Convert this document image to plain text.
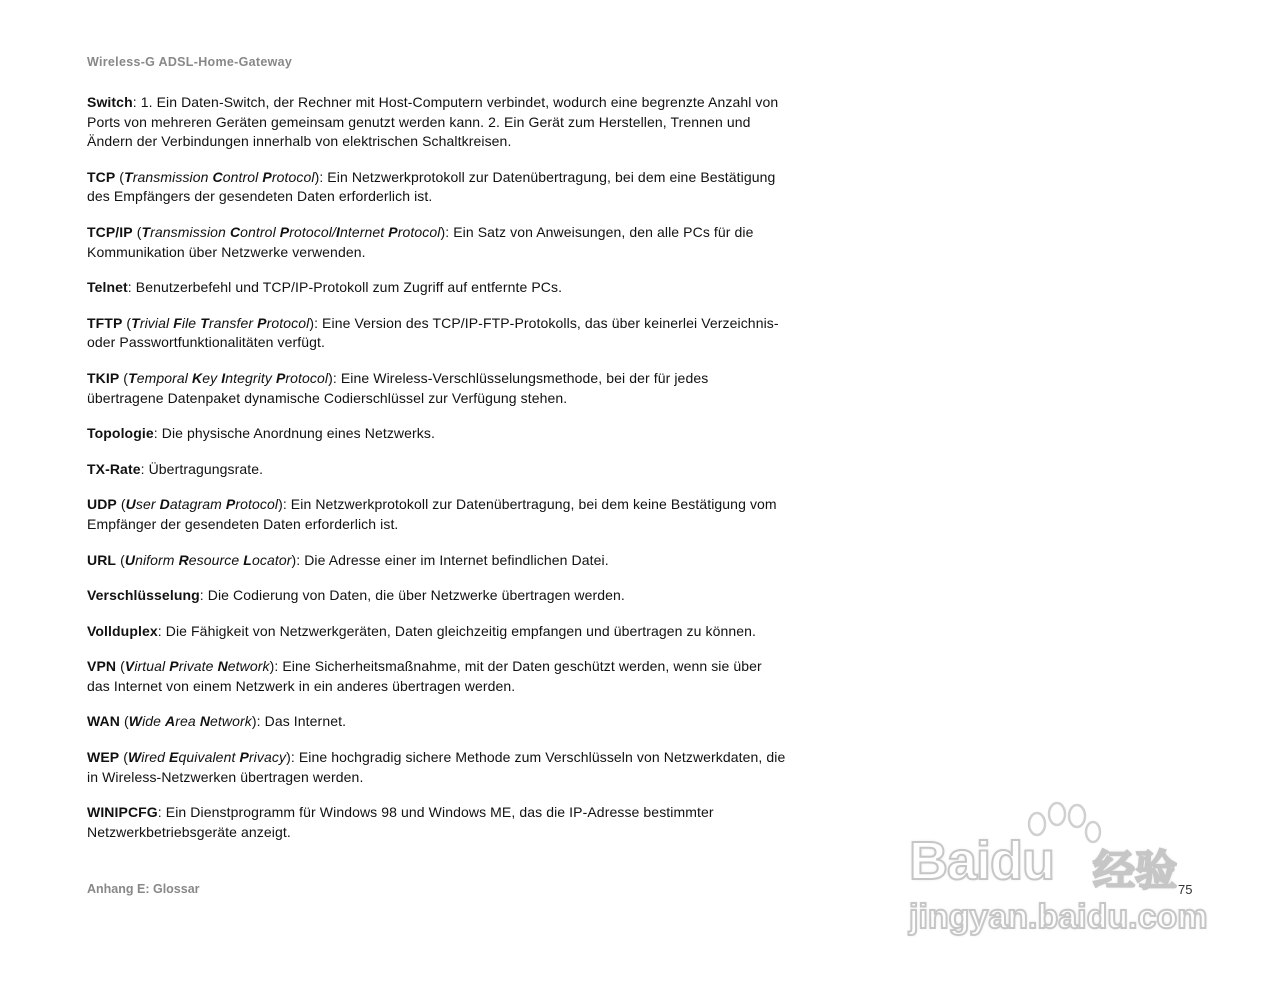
Wireless-G ADSL-Home-Gateway

Switch: 1. Ein Daten-Switch, der Rechner mit Host-Computern verbindet, wodurch eine begrenzte Anzahl von Ports von mehreren Geräten gemeinsam genutzt werden kann. 2. Ein Gerät zum Herstellen, Trennen und Ändern der Verbindungen innerhalb von elektrischen Schaltkreisen.

TCP (Transmission Control Protocol): Ein Netzwerkprotokoll zur Datenübertragung, bei dem eine Bestätigung des Empfängers der gesendeten Daten erforderlich ist.

TCP/IP (Transmission Control Protocol/Internet Protocol): Ein Satz von Anweisungen, den alle PCs für die Kommunikation über Netzwerke verwenden.

Telnet: Benutzerbefehl und TCP/IP-Protokoll zum Zugriff auf entfernte PCs.

TFTP (Trivial File Transfer Protocol): Eine Version des TCP/IP-FTP-Protokolls, das über keinerlei Verzeichnis- oder Passwortfunktionalitäten verfügt.

TKIP (Temporal Key Integrity Protocol): Eine Wireless-Verschlüsselungsmethode, bei der für jedes übertragene Datenpaket dynamische Codierschlüssel zur Verfügung stehen.

Topologie: Die physische Anordnung eines Netzwerks.

TX-Rate: Übertragungsrate.

UDP (User Datagram Protocol): Ein Netzwerkprotokoll zur Datenübertragung, bei dem keine Bestätigung vom Empfänger der gesendeten Daten erforderlich ist.

URL (Uniform Resource Locator): Die Adresse einer im Internet befindlichen Datei.

Verschlüsselung: Die Codierung von Daten, die über Netzwerke übertragen werden.

Vollduplex: Die Fähigkeit von Netzwerkgeräten, Daten gleichzeitig empfangen und übertragen zu können.

VPN (Virtual Private Network): Eine Sicherheitsmaßnahme, mit der Daten geschützt werden, wenn sie über das Internet von einem Netzwerk in ein anderes übertragen werden.

WAN (Wide Area Network): Das Internet.

WEP (Wired Equivalent Privacy): Eine hochgradig sichere Methode zum Verschlüsseln von Netzwerkdaten, die in Wireless-Netzwerken übertragen werden.

WINIPCFG: Ein Dienstprogramm für Windows 98 und Windows ME, das die IP-Adresse bestimmter Netzwerkbetriebsgeräte anzeigt.

Anhang E: Glossar	75
Baidu 经验
jingyan.baidu.com
